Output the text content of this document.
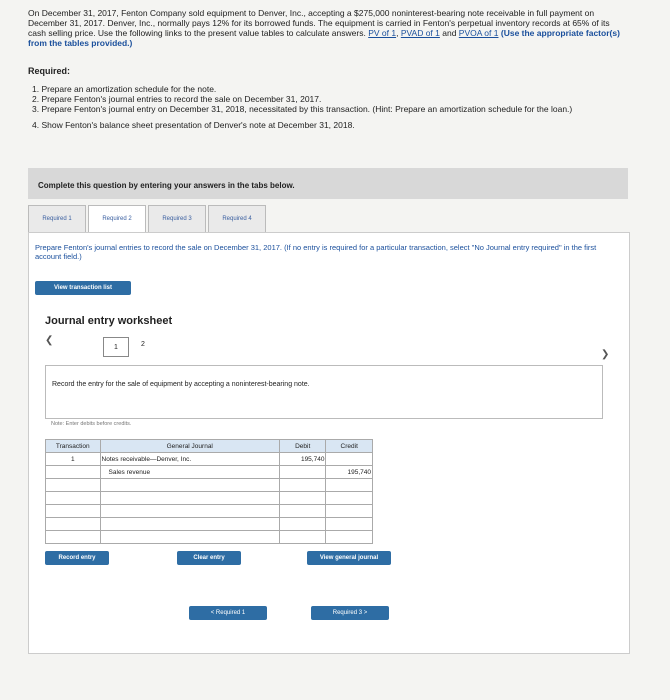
On December 31, 2017, Fenton Company sold equipment to Denver, Inc., accepting a $275,000 noninterest-bearing note receivable in full payment on December 31, 2017. Denver, Inc., normally pays 12% for its borrowed funds. The equipment is carried in Fenton's perpetual inventory records at 65% of its cash selling price. Use the following links to the present value tables to calculate answers. PV of 1, PVAD of 1 and PVOA of 1 (Use the appropriate factor(s) from the tables provided.)

Required:
1. Prepare an amortization schedule for the note.
2. Prepare Fenton's journal entries to record the sale on December 31, 2017.
3. Prepare Fenton's journal entry on December 31, 2018, necessitated by this transaction. (Hint: Prepare an amortization schedule for the loan.)
4. Show Fenton's balance sheet presentation of Denver's note at December 31, 2018.
Complete this question by entering your answers in the tabs below.
Required 1	Required 2	Required 3	Required 4
Prepare Fenton's journal entries to record the sale on December 31, 2017. (If no entry is required for a particular transaction, select "No Journal entry required" in the first account field.)
View transaction list
Journal entry worksheet
❮
1	2
❯
Record the entry for the sale of equipment by accepting a noninterest-bearing note.
Note: Enter debits before credits.
Transaction	General Journal	Debit	Credit
1	Notes receivable—Denver, Inc.	195,740	
	Sales revenue		195,740

Record entry	Clear entry	View general journal
< Required 1	Required 3 >
